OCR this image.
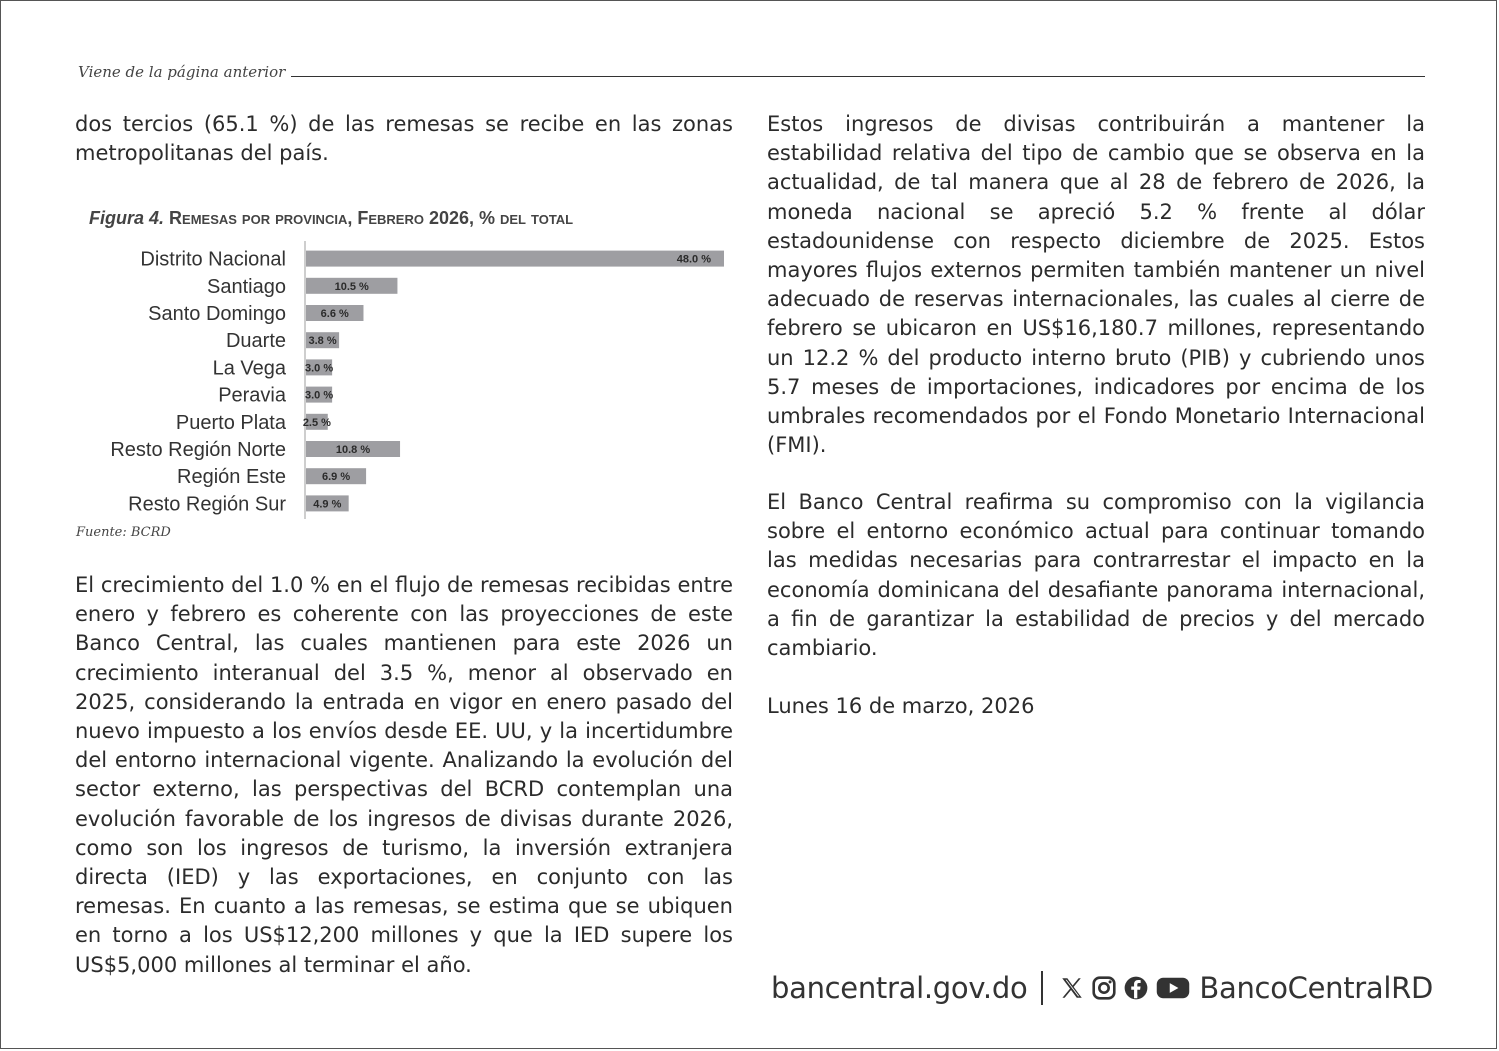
Viene de la página anterior

dos tercios (65.1 %) de las remesas se recibe en las zonas metropolitanas del país.

Figura 4. Remesas por provincia, Febrero 2026, % del total
Distrito Nacional	48.0 %
Santiago	10.5 %
Santo Domingo	6.6 %
Duarte 3.8 %
La Vega 3.0 %
Peravia 3.0 %
Puerto Plata 2.5 %
Resto Región Norte	10.8 %
Región Este	6.9 %
Resto Región Sur 4.9 %
Fuente: BCRD

El crecimiento del 1.0 % en el flujo de remesas recibidas entre enero y febrero es coherente con las proyecciones de este Banco Central, las cuales mantienen para este 2026 un crecimiento interanual del 3.5 %, menor al observado en 2025, considerando la entrada en vigor en enero pasado del nuevo impuesto a los envíos desde EE. UU, y la incertidumbre del entorno internacional vigente. Analizando la evolución del sector externo, las perspectivas del BCRD contemplan una evolución favorable de los ingresos de divisas durante 2026, como son los ingresos de turismo, la inversión extranjera directa (IED) y las exportaciones, en conjunto con las remesas. En cuanto a las remesas, se estima que se ubiquen en torno a los US$12,200 millones y que la IED supere los US$5,000 millones al terminar el año.

Estos ingresos de divisas contribuirán a mantener la estabilidad relativa del tipo de cambio que se observa en la actualidad, de tal manera que al 28 de febrero de 2026, la moneda nacional se apreció 5.2 % frente al dólar estadounidense con respecto diciembre de 2025. Estos mayores flujos externos permiten también mantener un nivel adecuado de reservas internacionales, las cuales al cierre de febrero se ubicaron en US$16,180.7 millones, representando un 12.2 % del producto interno bruto (PIB) y cubriendo unos 5.7 meses de importaciones, indicadores por encima de los umbrales recomendados por el Fondo Monetario Internacional (FMI).

El Banco Central reafirma su compromiso con la vigilancia sobre el entorno económico actual para continuar tomando las medidas necesarias para contrarrestar el impacto en la economía dominicana del desafiante panorama internacional, a fin de garantizar la estabilidad de precios y del mercado cambiario.

Lunes 16 de marzo, 2026

bancentral.gov.do	BancoCentralRD
